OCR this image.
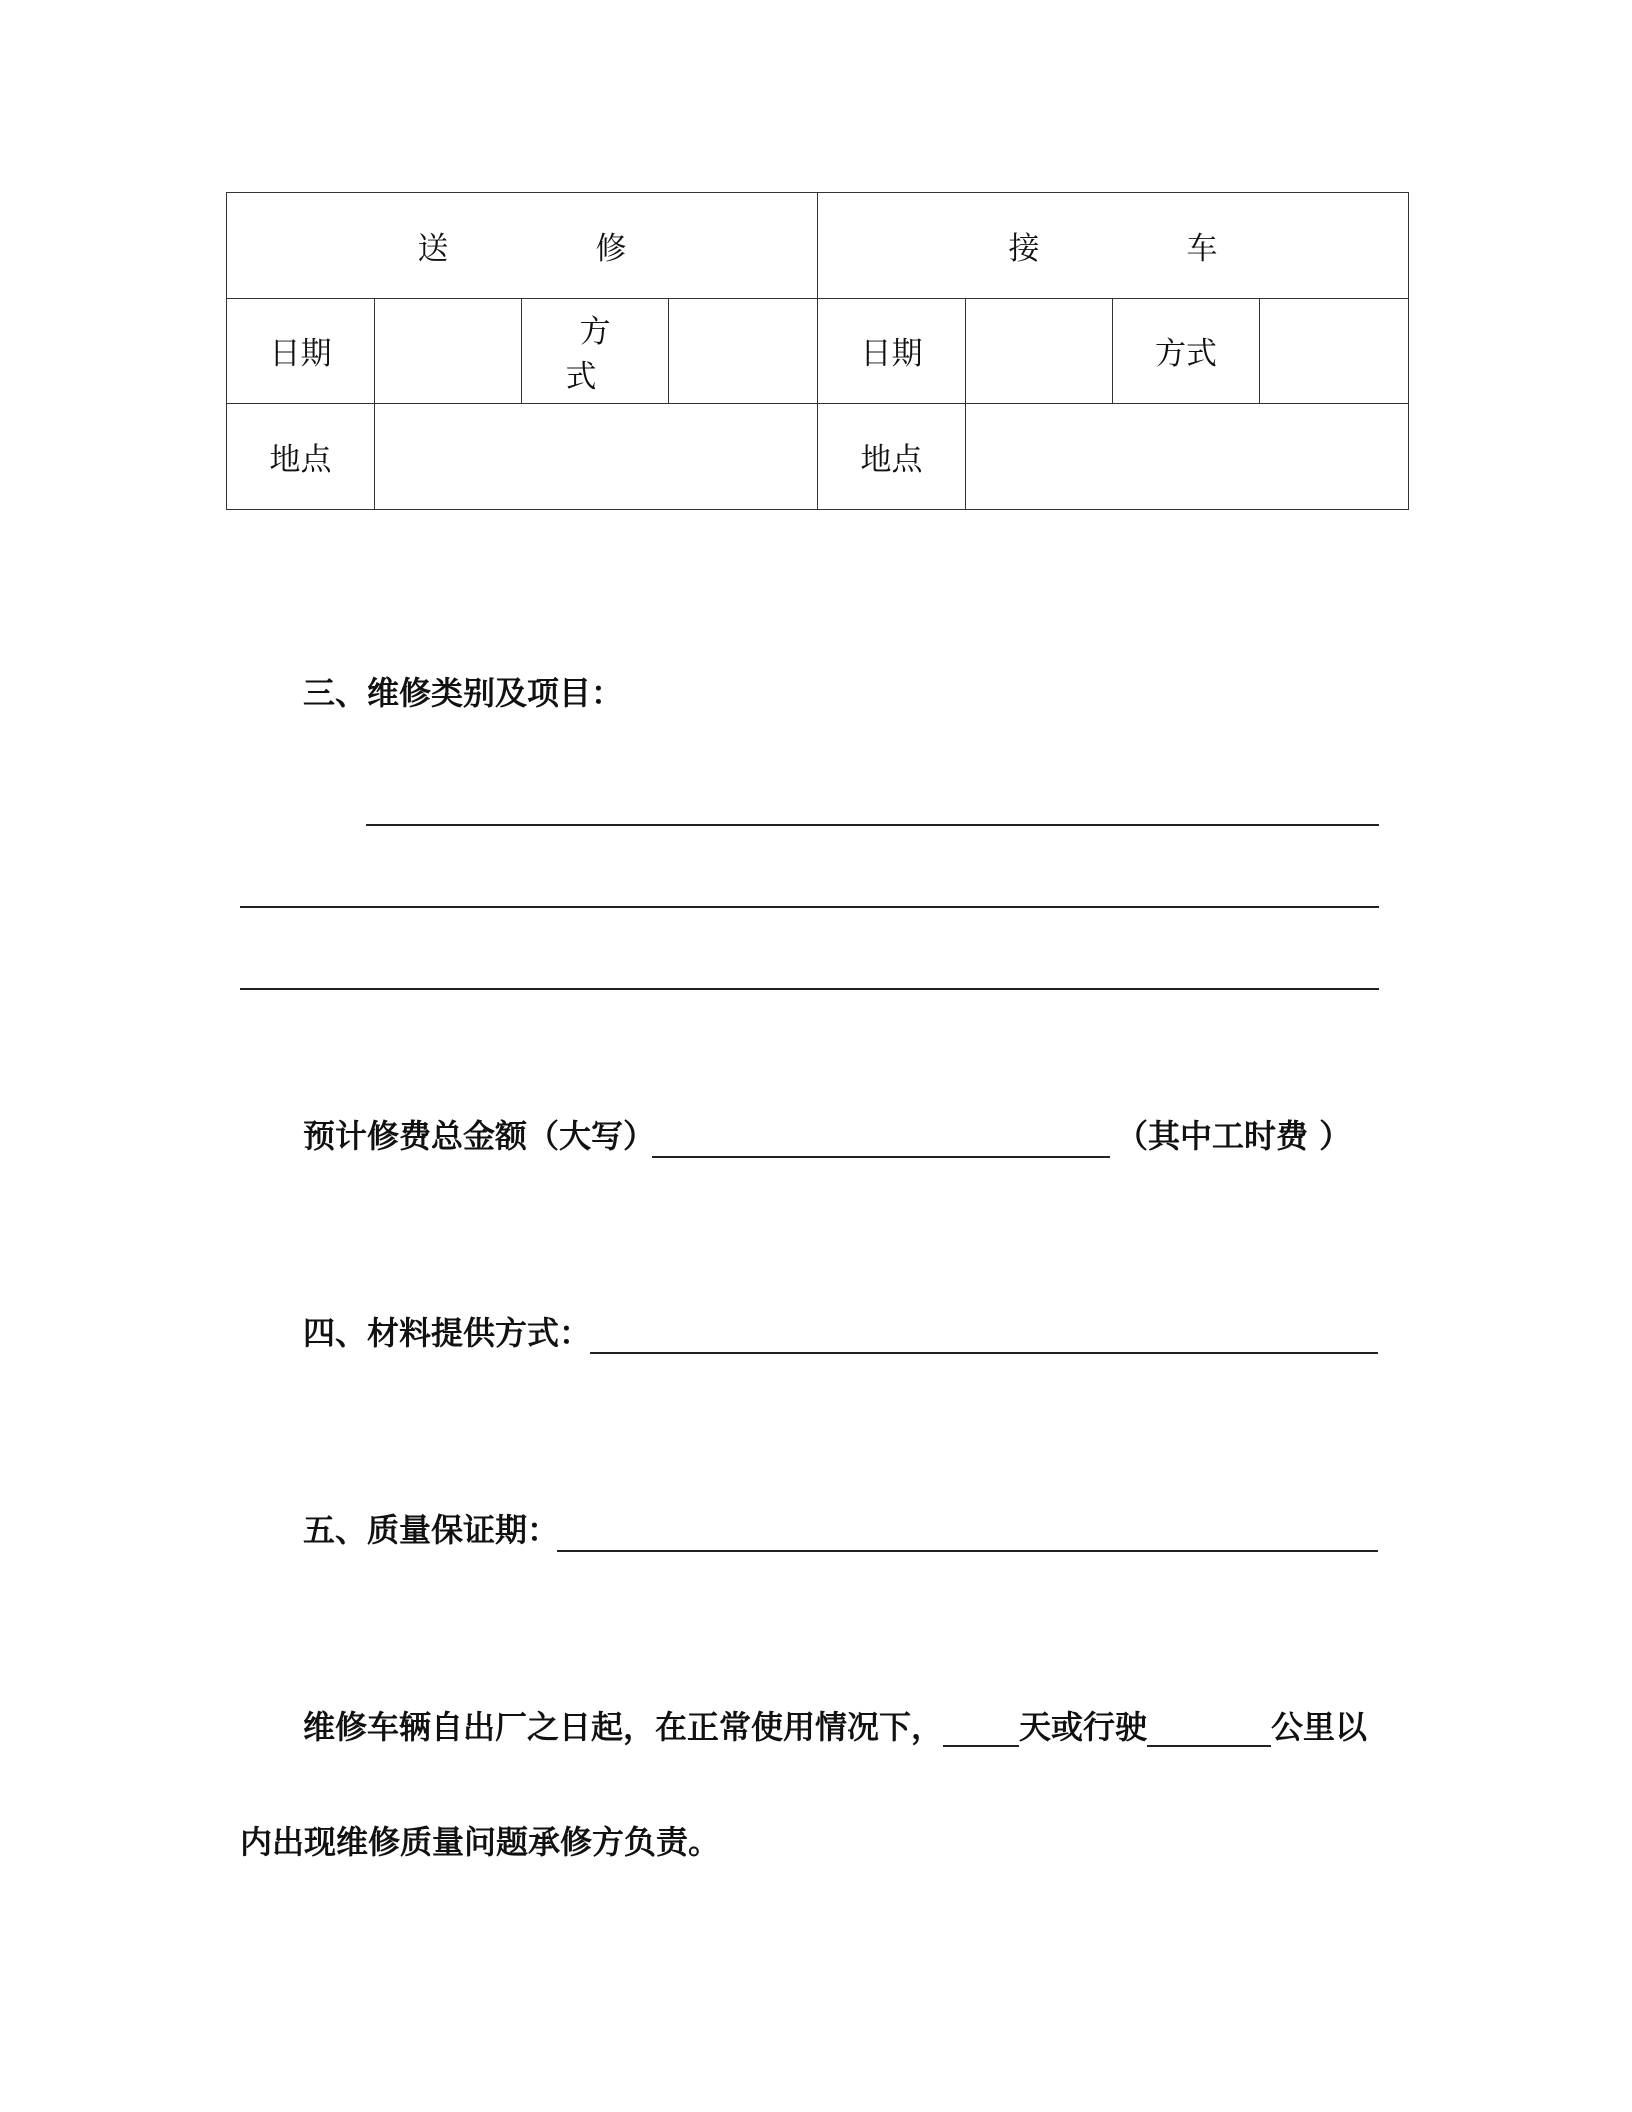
送　修				接　车			
日期		方　式		日期		方式	
地点				地点			
三、维修类别及项目：
预计修费总金额（大写）	（其中工时费 ）
四、材料提供方式：
五、质量保证期：
维修车辆自出厂之日起，在正常使用情况下， 天或行驶	公里以
内出现维修质量问题承修方负责。
